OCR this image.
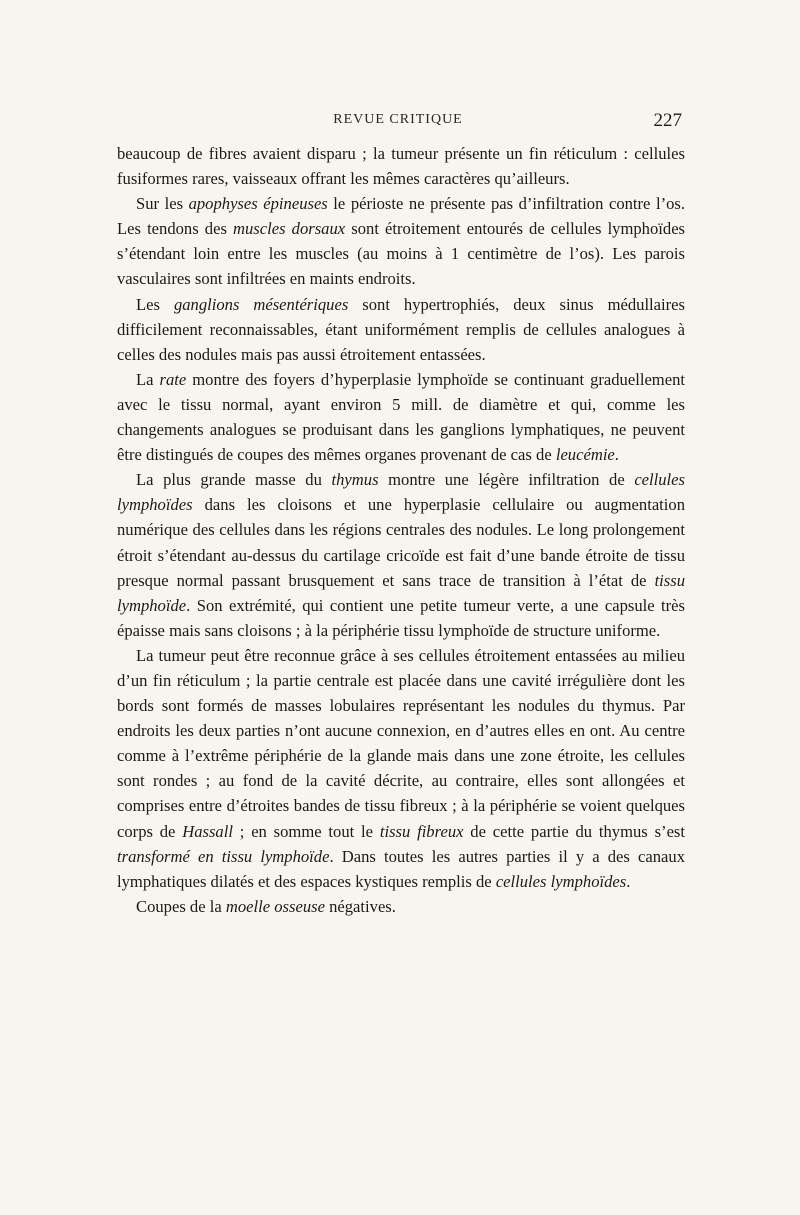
REVUE CRITIQUE	227

beaucoup de fibres avaient disparu ; la tumeur présente un fin réticulum : cellules fusiformes rares, vaisseaux offrant les mêmes caractères qu’ailleurs.

Sur les apophyses épineuses le périoste ne présente pas d’infiltration contre l’os. Les tendons des muscles dorsaux sont étroitement entourés de cellules lymphoïdes s’étendant loin entre les muscles (au moins à 1 centimètre de l’os). Les parois vasculaires sont infiltrées en maints endroits.

Les ganglions mésentériques sont hypertrophiés, deux sinus médullaires difficilement reconnaissables, étant uniformément remplis de cellules analogues à celles des nodules mais pas aussi étroitement entassées.

La rate montre des foyers d’hyperplasie lymphoïde se continuant graduellement avec le tissu normal, ayant environ 5 mill. de diamètre et qui, comme les changements analogues se produisant dans les ganglions lymphatiques, ne peuvent être distingués de coupes des mêmes organes provenant de cas de leucémie.

La plus grande masse du thymus montre une légère infiltration de cellules lymphoïdes dans les cloisons et une hyperplasie cellulaire ou augmentation numérique des cellules dans les régions centrales des nodules. Le long prolongement étroit s’étendant au-dessus du cartilage cricoïde est fait d’une bande étroite de tissu presque normal passant brusquement et sans trace de transition à l’état de tissu lymphoïde. Son extrémité, qui contient une petite tumeur verte, a une capsule très épaisse mais sans cloisons ; à la périphérie tissu lymphoïde de structure uniforme.

La tumeur peut être reconnue grâce à ses cellules étroitement entassées au milieu d’un fin réticulum ; la partie centrale est placée dans une cavité irrégulière dont les bords sont formés de masses lobulaires représentant les nodules du thymus. Par endroits les deux parties n’ont aucune connexion, en d’autres elles en ont. Au centre comme à l’extrême périphérie de la glande mais dans une zone étroite, les cellules sont rondes ; au fond de la cavité décrite, au contraire, elles sont allongées et comprises entre d’étroites bandes de tissu fibreux ; à la périphérie se voient quelques corps de Hassall ; en somme tout le tissu fibreux de cette partie du thymus s’est transformé en tissu lymphoïde. Dans toutes les autres parties il y a des canaux lymphatiques dilatés et des espaces kystiques remplis de cellules lymphoïdes.

Coupes de la moelle osseuse négatives.
